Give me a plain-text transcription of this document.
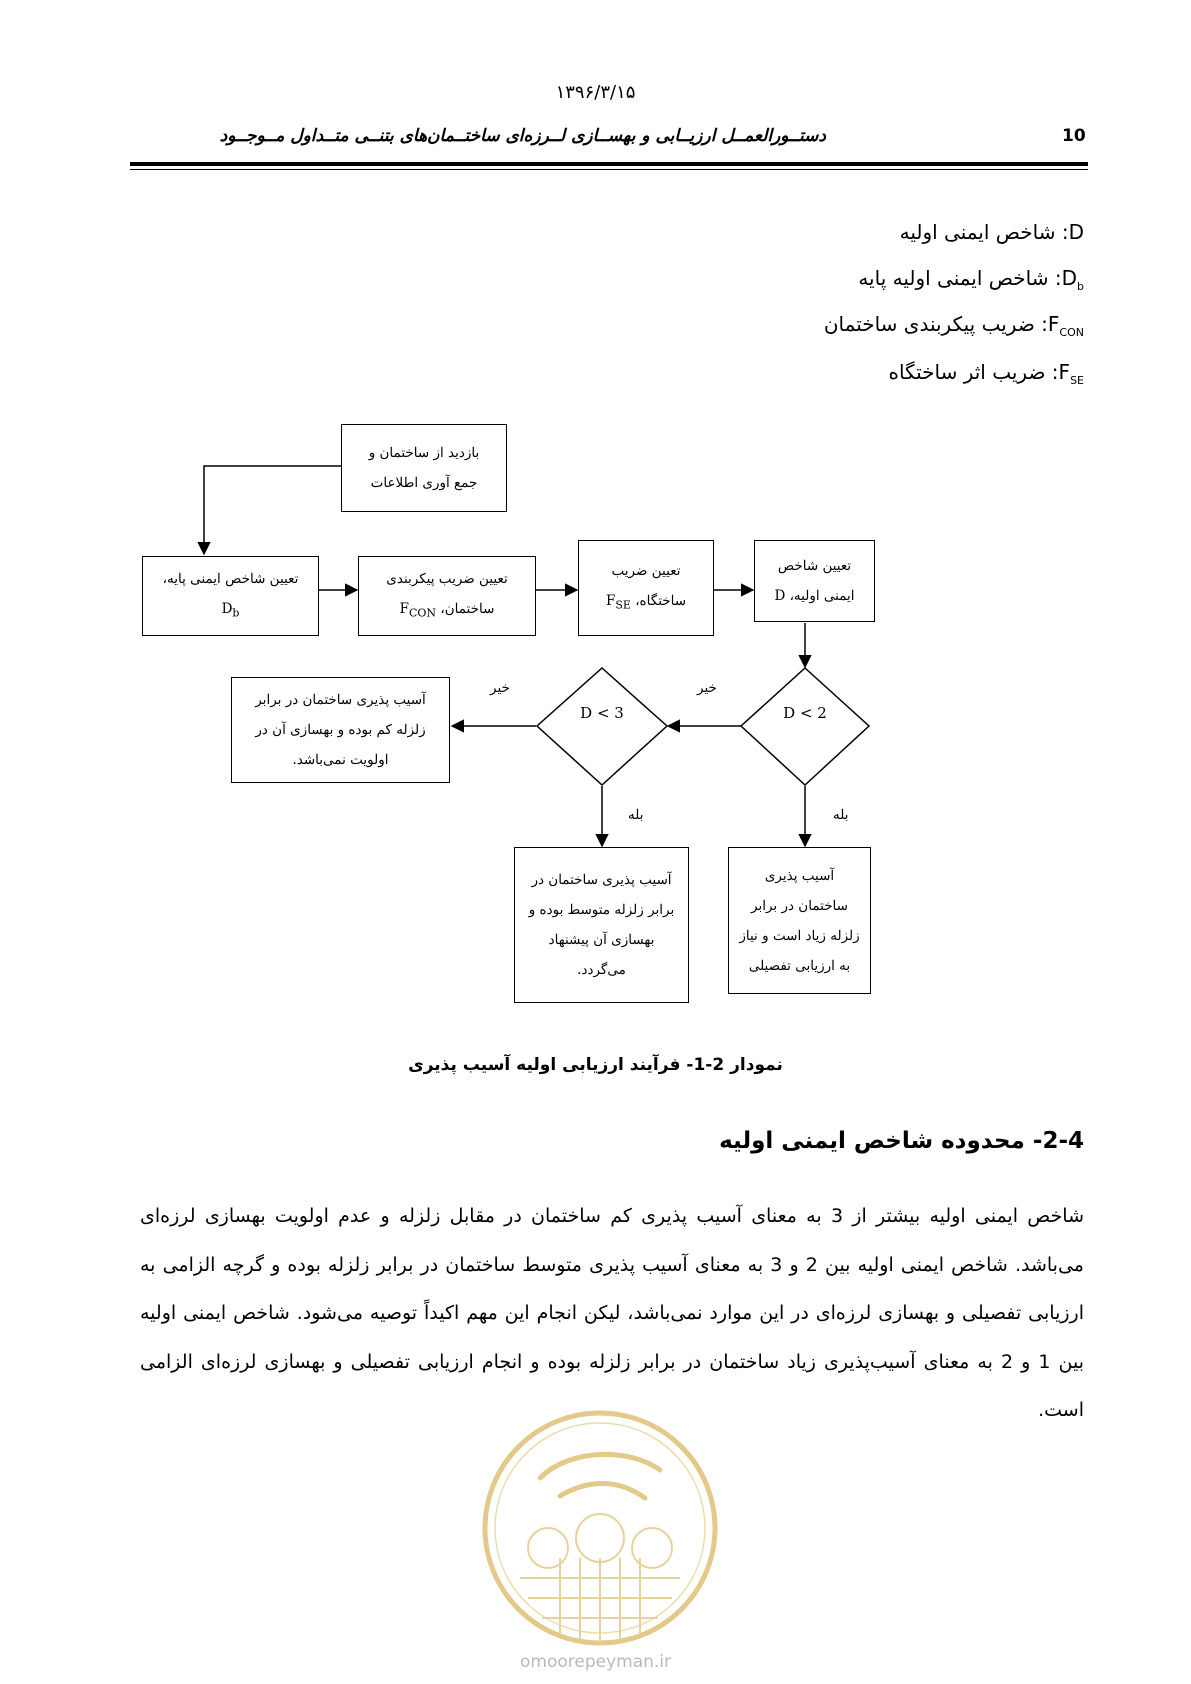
۱۳۹۶/۳/۱۵
دستــورالعمــل ارزیــابی و بهســازی لــرزه‌ای ساختــمان‌های بتنــی متــداول مــوجــود	10
D: شاخص ایمنی اولیه
$D_b$: شاخص ایمنی اولیه پایه
$F_{CON}$: ضریب پیکربندی ساختمان
$F_{SE}$: ضریب اثر ساختگاه
بازدید از ساختمان و
جمع آوری اطلاعات
تعیین شاخص ایمنی پایه،
$D_b$
تعیین ضریب پیکربندی
ساختمان، $F_{CON}$
تعیین ضریب
ساختگاه، $F_{SE}$
تعیین شاخص
ایمنی اولیه، D
آسیب پذیری ساختمان در برابر
زلزله کم بوده و بهسازی آن در
اولویت نمی‌باشد.
آسیب پذیری ساختمان در
برابر زلزله متوسط بوده و
بهسازی آن پیشنهاد
می‌گردد.
آسیب پذیری
ساختمان در برابر
زلزله زیاد است و نیاز
به ارزیابی تفصیلی
D < 2
D < 3
خیر
خیر
بله
بله
نمودار 2-1- فرآیند ارزیابی اولیه آسیب پذیری
2-4- محدوده شاخص ایمنی اولیه
omoorepeyman.ir
شاخص ایمنی اولیه بیشتر از 3 به معنای آسیب پذیری کم ساختمان در مقابل زلزله و عدم اولویت بهسازی لرزه‌ای
می‌باشد. شاخص ایمنی اولیه بین 2 و 3 به معنای آسیب پذیری متوسط ساختمان در برابر زلزله بوده و گرچه الزامی به
ارزیابی تفصیلی و بهسازی لرزه‌ای در این موارد نمی‌باشد، لیکن انجام این مهم اکیداً توصیه می‌شود. شاخص ایمنی اولیه
بین 1 و 2 به معنای آسیب‌پذیری زیاد ساختمان در برابر زلزله بوده و انجام ارزیابی تفصیلی و بهسازی لرزه‌ای الزامی
است.
